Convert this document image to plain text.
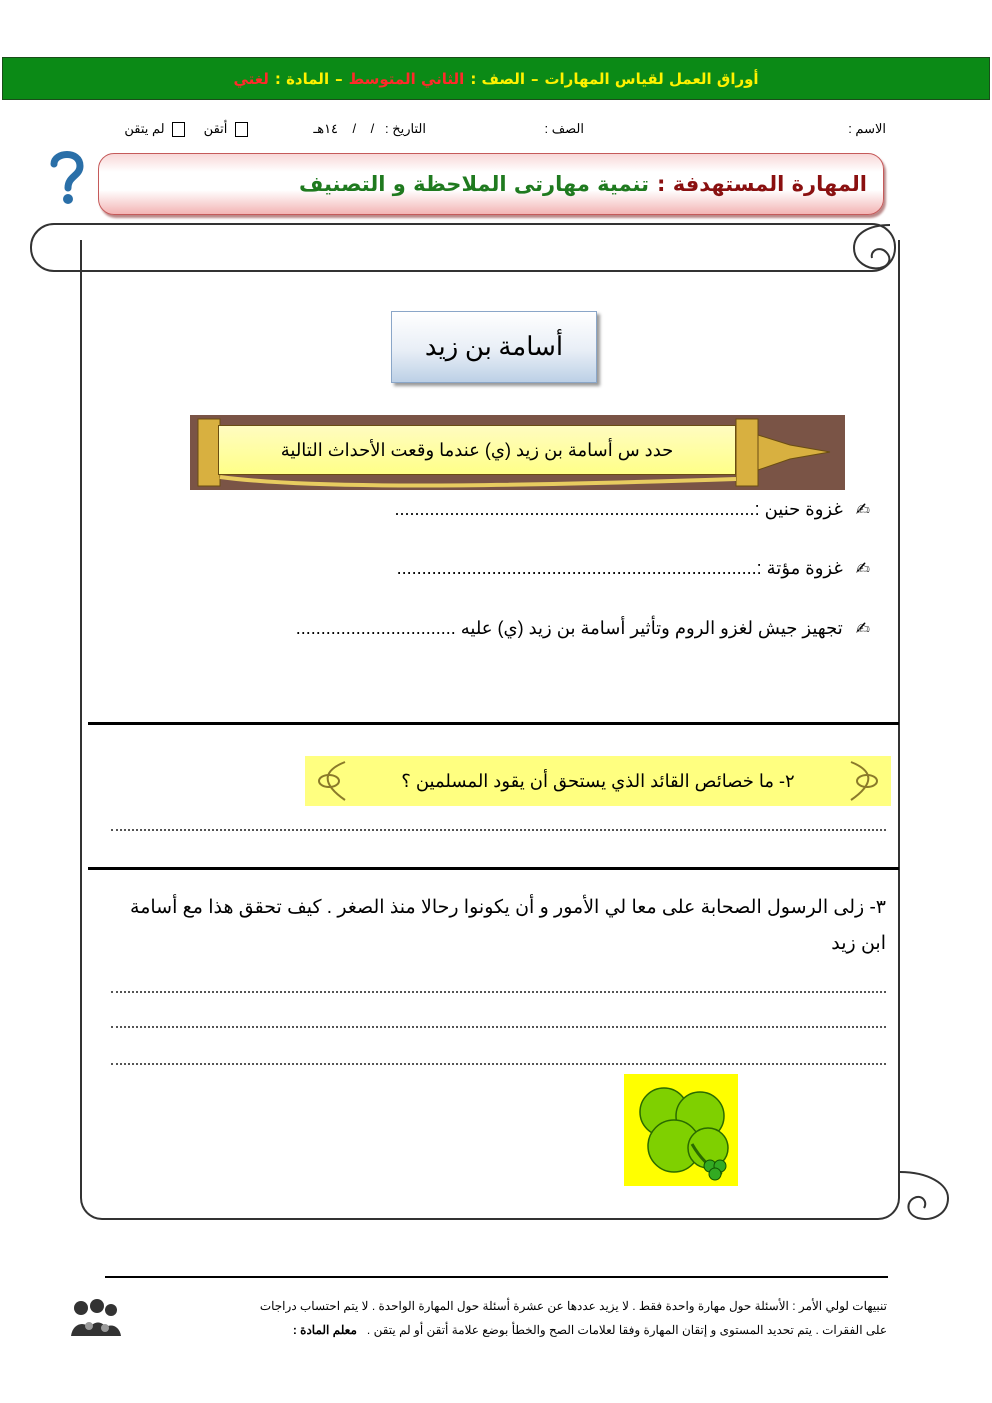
أوراق العمل لقياس المهارات
–
الصف :
الثاني المتوسط
–
المادة :
لغتي
الاسم :
الصف :
التاريخ :   /    /    ١٤هـ
أتقن     لم يتقن
المهارة المستهدفة :
تنمية مهارتى الملاحظة و التصنيف
أسامة بن زيد
حدد س أسامة بن زيد (ي) عندما وقعت الأحداث التالية
✍ غزوة حنين :........................................................................
✍ غزوة مؤتة :........................................................................
✍ تجهيز جيش لغزو الروم وتأثير أسامة بن زيد (ي) عليه ................................
٢- ما خصائص القائد الذي يستحق أن يقود المسلمين ؟
٣- زلى الرسول الصحابة على معا لي الأمور و أن يكونوا رحالا منذ الصغر . كيف تحقق هذا مع أسامة ابن زيد
تنبيهات لولي الأمر : الأسئلة حول مهارة واحدة فقط . لا يزيد عددها عن عشرة أسئلة حول المهارة الواحدة . لا يتم احتساب دراجات
على الفقرات . يتم تحديد المستوى و إتقان المهارة وفقا لعلامات الصح والخطأ بوضع علامة أتقن أو لم يتقن .   معلم المادة :
